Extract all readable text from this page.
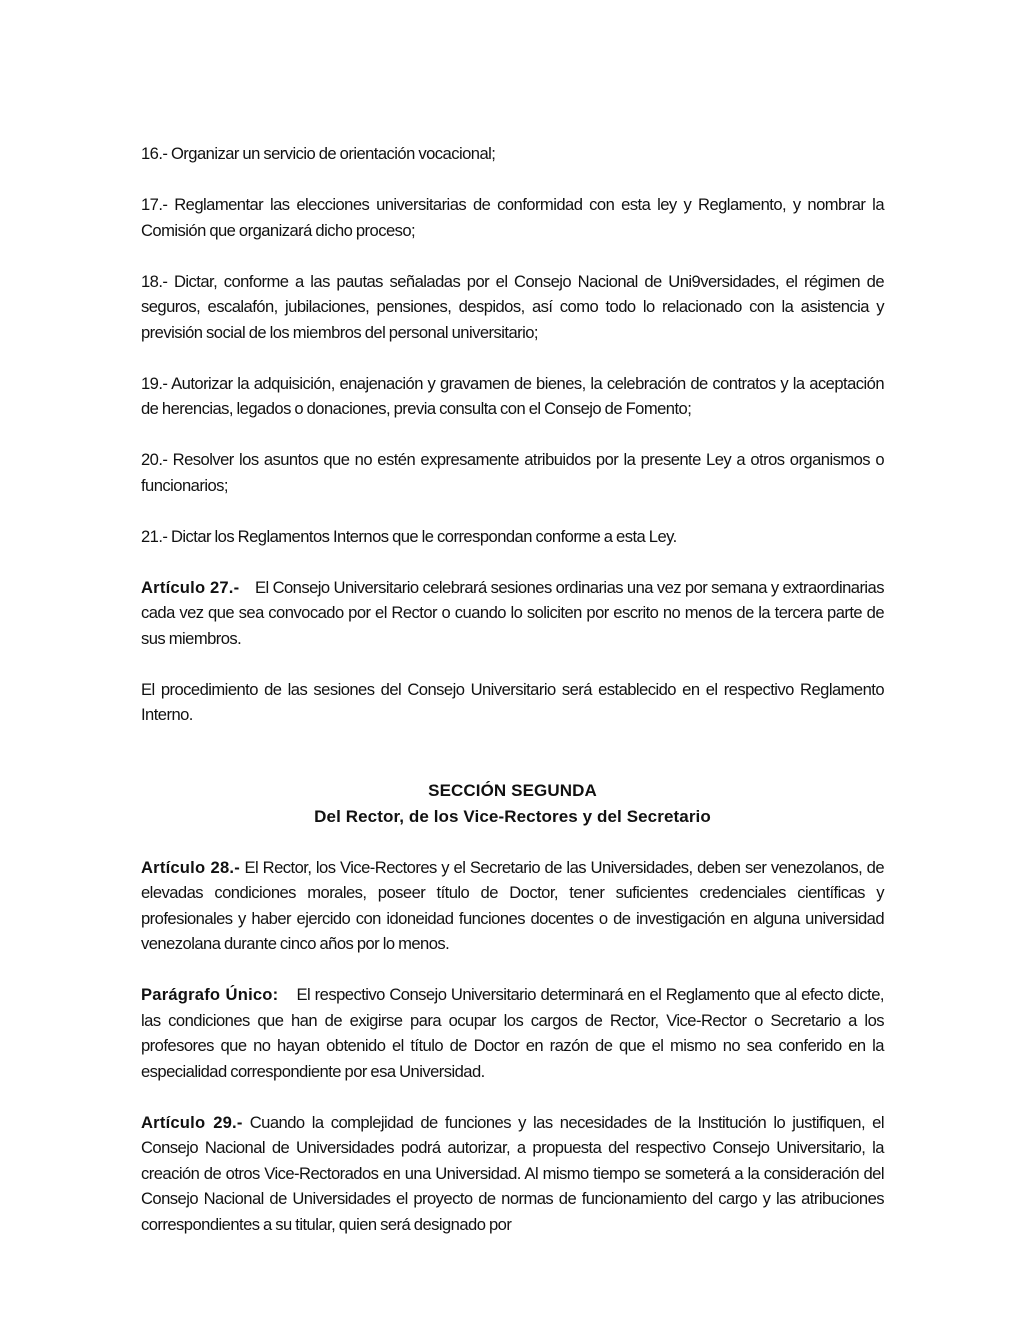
16.- Organizar un servicio de orientación vocacional;

17.- Reglamentar las elecciones universitarias de conformidad con esta ley y Reglamento, y nombrar la Comisión que organizará dicho proceso;

18.- Dictar, conforme a las pautas señaladas por el Consejo Nacional de Uni9versidades, el régimen de seguros, escalafón, jubilaciones, pensiones, despidos, así como todo lo relacionado con la asistencia y previsión social de los miembros del personal universitario;

19.- Autorizar la adquisición, enajenación y gravamen de bienes, la celebración de contratos y la aceptación de herencias, legados o donaciones, previa consulta con el Consejo de Fomento;

20.- Resolver los asuntos que no estén expresamente atribuidos por la presente Ley a otros organismos o funcionarios;

21.- Dictar los Reglamentos Internos que le correspondan conforme a esta Ley.

Artículo 27.- El Consejo Universitario celebrará sesiones ordinarias una vez por semana y extraordinarias cada vez que sea convocado por el Rector o cuando lo soliciten por escrito no menos de la tercera parte de sus miembros.

El procedimiento de las sesiones del Consejo Universitario será establecido en el respectivo Reglamento Interno.

SECCIÓN SEGUNDA
Del Rector, de los Vice-Rectores y del Secretario

Artículo 28.- El Rector, los Vice-Rectores y el Secretario de las Universidades, deben ser venezolanos, de elevadas condiciones morales, poseer título de Doctor, tener suficientes credenciales científicas y profesionales y haber ejercido con idoneidad funciones docentes o de investigación en alguna universidad venezolana durante cinco años por lo menos.

Parágrafo Único: El respectivo Consejo Universitario determinará en el Reglamento que al efecto dicte, las condiciones que han de exigirse para ocupar los cargos de Rector, Vice-Rector o Secretario a los profesores que no hayan obtenido el título de Doctor en razón de que el mismo no sea conferido en la especialidad correspondiente por esa Universidad.

Artículo 29.- Cuando la complejidad de funciones y las necesidades de la Institución lo justifiquen, el Consejo Nacional de Universidades podrá autorizar, a propuesta del respectivo Consejo Universitario, la creación de otros Vice-Rectorados en una Universidad. Al mismo tiempo se someterá a la consideración del Consejo Nacional de Universidades el proyecto de normas de funcionamiento del cargo y las atribuciones correspondientes a su titular, quien será designado por
